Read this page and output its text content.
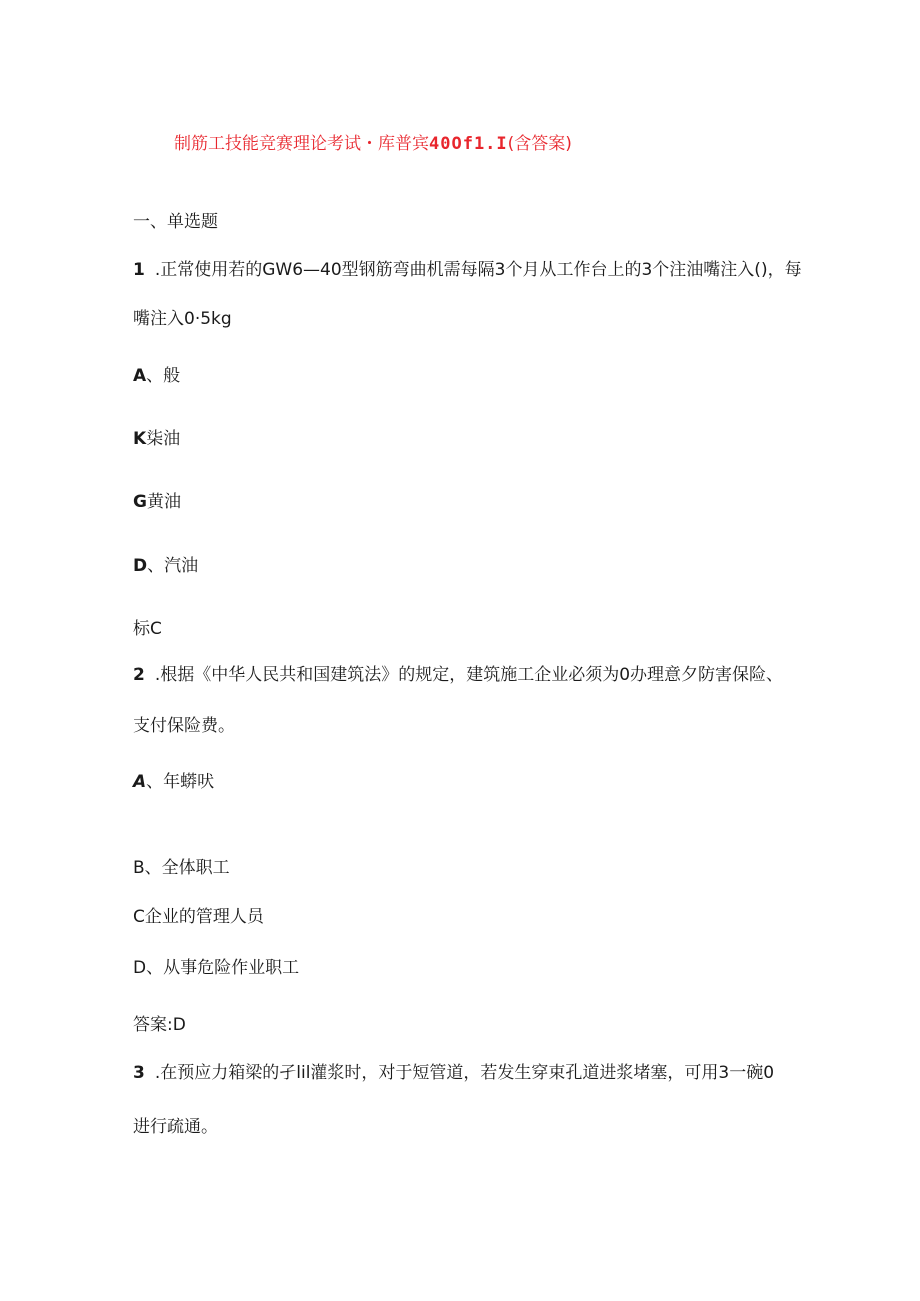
制筋工技能竞赛理论考试・库普宾40Of1.I(含答案)
一、单选题
1 .正常使用若的GW6—40型钢筋弯曲机需每隔3个月从工作台上的3个注油嘴注入()，每
嘴注入0·5kg
A、般
K柒油
G黄油
D、汽油
标C
2 .根据《中华人民共和国建筑法》的规定，建筑施工企业必须为0办理意夕防害保险、
支付保险费。
A、年蟒吠
B、全体职工
C企业的管理人员
D、从事危险作业职工
答案:D
3 .在预应力箱梁的孑lil灌浆时，对于短管道，若发生穿束孔道进浆堵塞，可用3一碗0
进行疏通。
